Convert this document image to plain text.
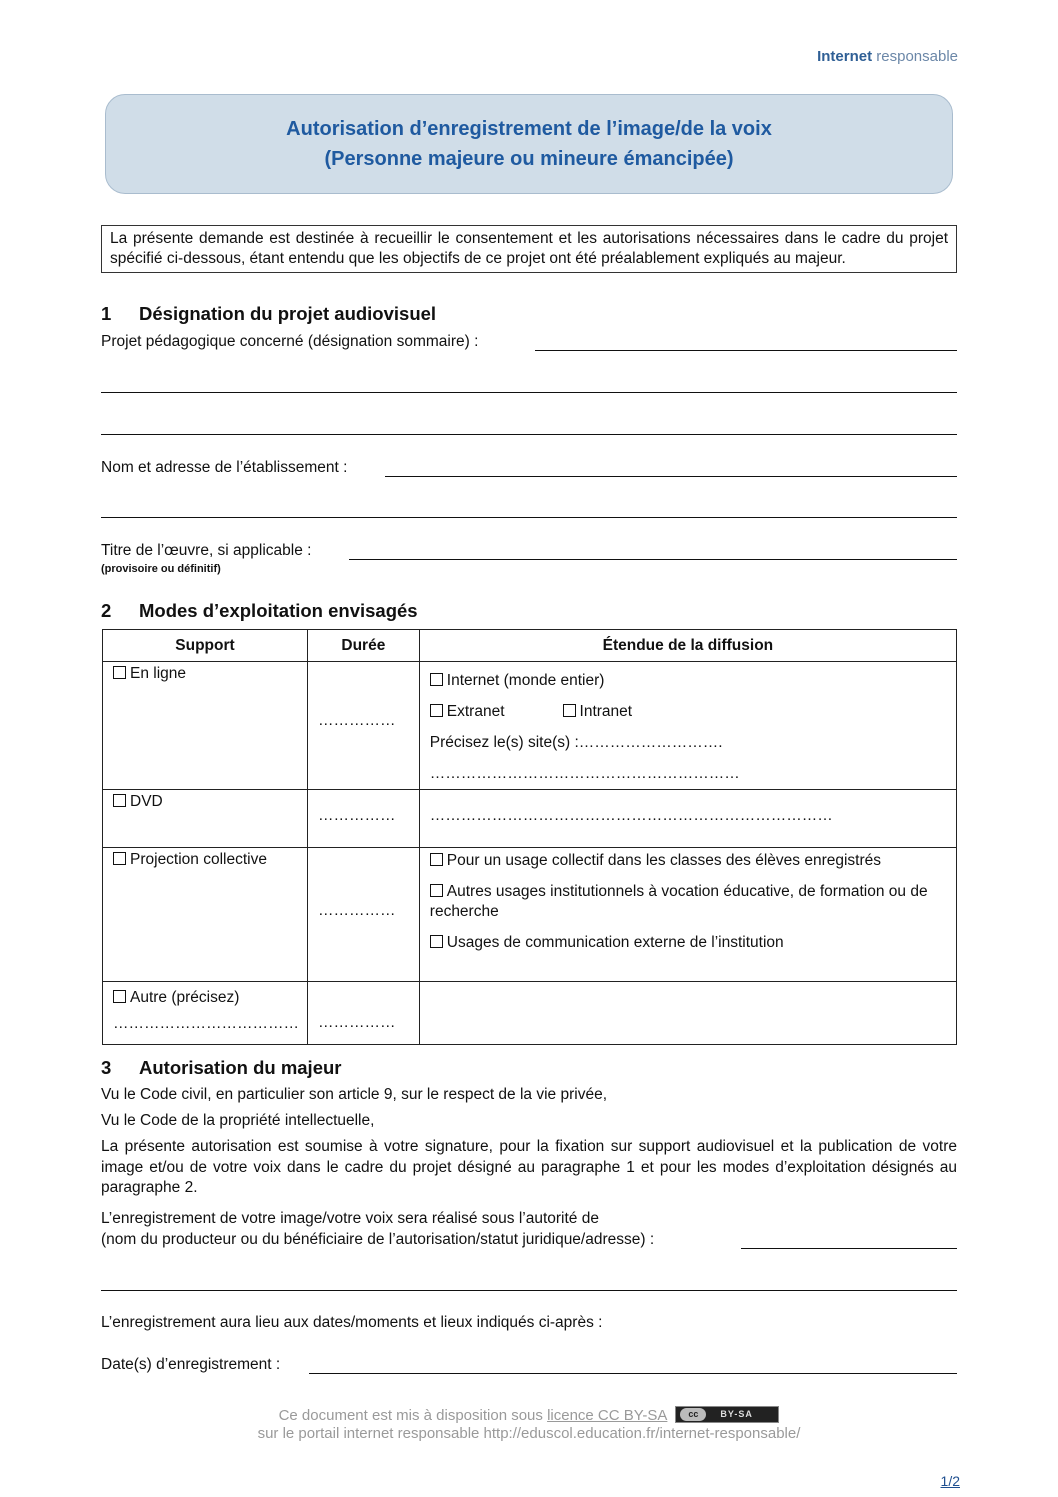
Internet responsable
Autorisation d’enregistrement de l’image/de la voix
(Personne majeure ou mineure émancipée)
La présente demande est destinée à recueillir le consentement et les autorisations nécessaires dans le cadre du projet spécifié ci-dessous, étant entendu que les objectifs de ce projet ont été préalablement expliqués au majeur.
1 Désignation du projet audiovisuel
Projet pédagogique concerné (désignation sommaire) :
Nom et adresse de l’établissement :
Titre de l’œuvre, si applicable :
(provisoire ou définitif)
2 Modes d’exploitation envisagés
Support	Durée	Étendue de la diffusion

En ligne	……………	Internet (monde entier)
Extranet Intranet
Précisez le(s) site(s) :……………………….
……………………………………………………

DVD	……………	……………………………………………………………………

Projection collective	……………	Pour un usage collectif dans les classes des élèves enregistrés
Autres usages institutionnels à vocation éducative, de formation ou de recherche
Usages de communication externe de l’institution

Autre (précisez)
………………………………	……………	

3 Autorisation du majeur
Vu le Code civil, en particulier son article 9, sur le respect de la vie privée,
Vu le Code de la propriété intellectuelle,
La présente autorisation est soumise à votre signature, pour la fixation sur support audiovisuel et la publication de votre image et/ou de votre voix dans le cadre du projet désigné au paragraphe 1 et pour les modes d’exploitation désignés au paragraphe 2.
L’enregistrement de votre image/votre voix sera réalisé sous l’autorité de
(nom du producteur ou du bénéficiaire de l’autorisation/statut juridique/adresse) :
L’enregistrement aura lieu aux dates/moments et lieux indiqués ci-après :
Date(s) d’enregistrement :
Ce document est mis à disposition sous licence CC BY-SA	cc	BY-SA
sur le portail internet responsable http://eduscol.education.fr/internet-responsable/
1/2
